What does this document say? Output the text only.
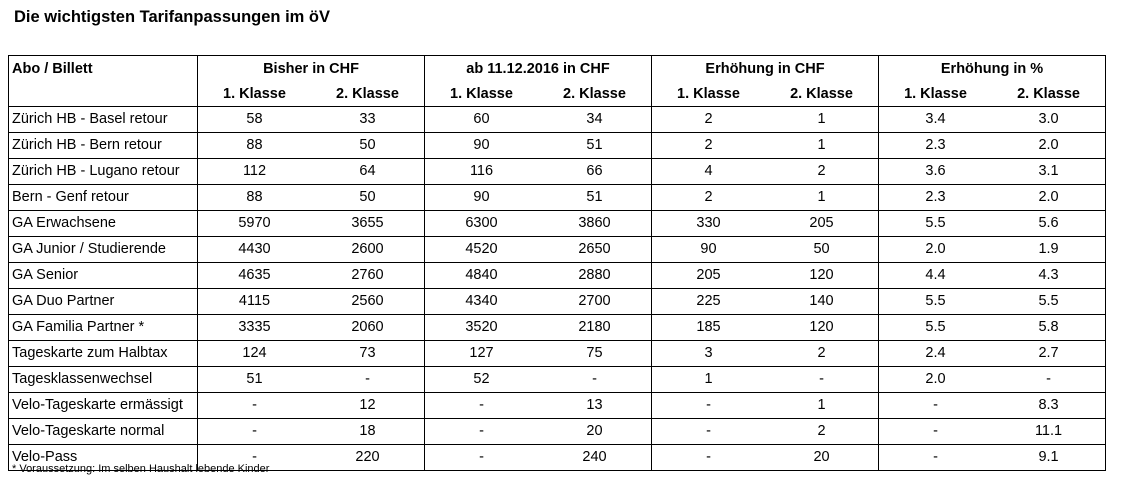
Die wichtigsten Tarifanpassungen im öV
Abo / Billett	Bisher in CHF		ab 11.12.2016 in CHF		Erhöhung in CHF		Erhöhung in %	
	1. Klasse	2. Klasse	1. Klasse	2. Klasse	1. Klasse	2. Klasse	1. Klasse	2. Klasse
Zürich HB - Basel retour	58	33	60	34	2	1	3.4	3.0
Zürich HB - Bern retour	88	50	90	51	2	1	2.3	2.0
Zürich HB - Lugano retour	112	64	116	66	4	2	3.6	3.1
Bern - Genf retour	88	50	90	51	2	1	2.3	2.0
GA Erwachsene	5970	3655	6300	3860	330	205	5.5	5.6
GA Junior / Studierende	4430	2600	4520	2650	90	50	2.0	1.9
GA Senior	4635	2760	4840	2880	205	120	4.4	4.3
GA Duo Partner	4115	2560	4340	2700	225	140	5.5	5.5
GA Familia Partner *	3335	2060	3520	2180	185	120	5.5	5.8
Tageskarte zum Halbtax	124	73	127	75	3	2	2.4	2.7
Tagesklassenwechsel	51	-	52	-	1	-	2.0	-
Velo-Tageskarte ermässigt	-	12	-	13	-	1	-	8.3
Velo-Tageskarte normal	-	18	-	20	-	2	-	11.1
Velo-Pass	-	220	-	240	-	20	-	9.1
* Voraussetzung: Im selben Haushalt lebende Kinder
